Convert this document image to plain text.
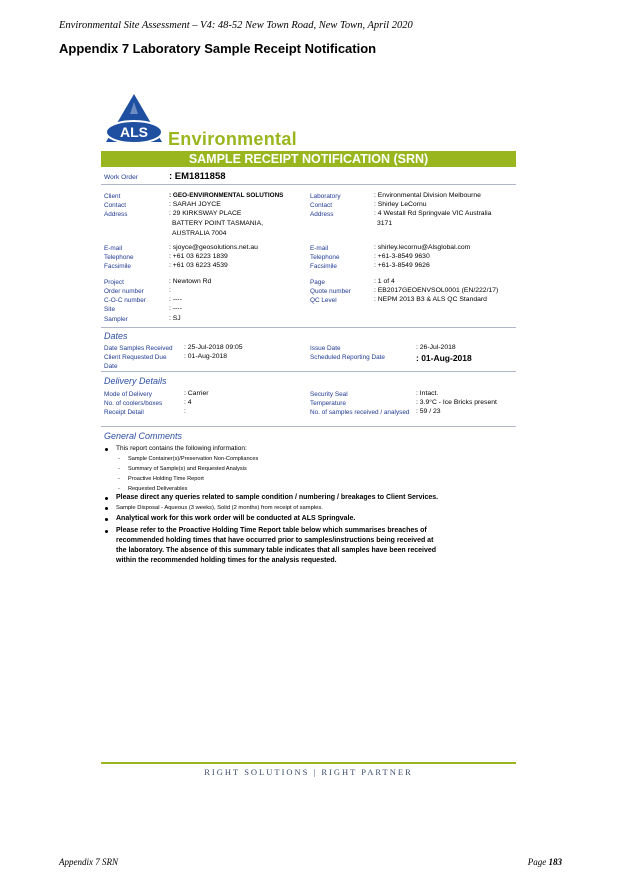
Environmental Site Assessment – V4: 48-52 New Town Road, New Town, April 2020
Appendix 7 Laboratory Sample Receipt Notification
ALS Environmental
SAMPLE RECEIPT NOTIFICATION (SRN)
Work Order	: EM1811858
Client	: GEO-ENVIRONMENTAL SOLUTIONS
Contact	: SARAH JOYCE
Address	: 29 KIRKSWAY PLACE
BATTERY POINT TASMANIA,
AUSTRALIA 7004
E-mail	: sjoyce@geosolutions.net.au
Telephone	: +61 03 6223 1839
Facsimile	: +61 03 6223 4539
Project	: Newtown Rd
Order number	:
C-O-C number	: ----
Site	: ----
Sampler	: SJ
Laboratory	: Environmental Division Melbourne
Contact	: Shirley LeCornu
Address	: 4 Westall Rd Springvale VIC Australia
3171
E-mail	: shirley.lecornu@Alsglobal.com
Telephone	: +61-3-8549 9630
Facsimile	: +61-3-8549 9626
Page	: 1 of 4
Quote number	: EB2017GEOENVSOL0001 (EN/222/17)
QC Level	: NEPM 2013 B3 & ALS QC Standard
Dates
Date Samples Received : 25-Jul-2018 09:05
Client Requested Due
Date
: 01-Aug-2018
Issue Date	: 26-Jul-2018
Scheduled Reporting Date	: 01-Aug-2018
Delivery Details
Mode of Delivery	: Carrier
No. of coolers/boxes	: 4
Receipt Detail	:
Security Seal	: Intact.
Temperature	: 3.9°C - Ice Bricks present
No. of samples received / analysed : 59 / 23
General Comments
This report contains the following information:
- Sample Container(s)/Preservation Non-Compliances
- Summary of Sample(s) and Requested Analysis
- Proactive Holding Time Report
- Requested Deliverables
Please direct any queries related to sample condition / numbering / breakages to Client Services.
Sample Disposal - Aqueous (3 weeks), Solid (2 months) from receipt of samples.
Analytical work for this work order will be conducted at ALS Springvale.
Please refer to the Proactive Holding Time Report table below which summarises breaches of
recommended holding times that have occurred prior to samples/instructions being received at
the laboratory. The absence of this summary table indicates that all samples have been received
within the recommended holding times for the analysis requested.
RIGHT SOLUTIONS | RIGHT PARTNER
Appendix 7 SRN	Page 183
